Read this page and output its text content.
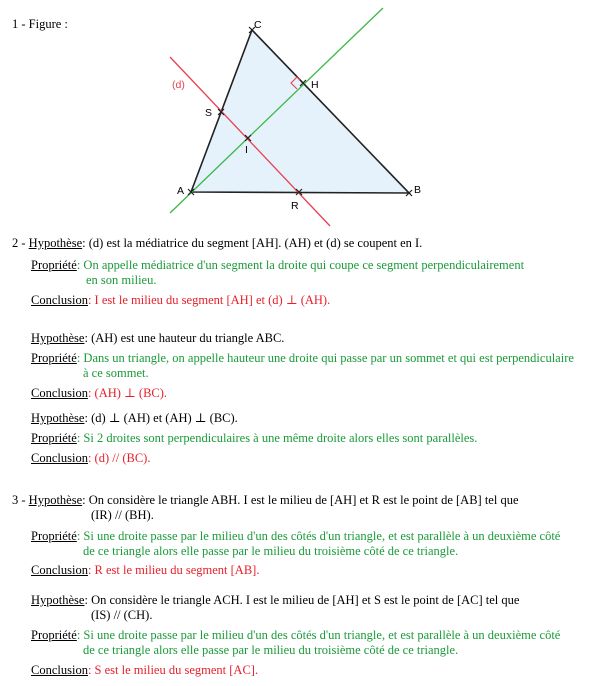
1 - Figure :	C
H
S
I
A	B
R
(d)
2 - Hypothèse: (d) est la médiatrice du segment [AH]. (AH) et (d) se coupent en I.
Propriété: On appelle médiatrice d'un segment la droite qui coupe ce segment perpendiculairement
en son milieu.
Conclusion: I est le milieu du segment [AH] et (d) ⊥ (AH).
Hypothèse: (AH) est une hauteur du triangle ABC.
Propriété: Dans un triangle, on appelle hauteur une droite qui passe par un sommet et qui est perpendiculaire
à ce sommet.
Conclusion: (AH) ⊥ (BC).
Hypothèse: (d) ⊥ (AH) et (AH) ⊥ (BC).
Propriété: Si 2 droites sont perpendiculaires à une même droite alors elles sont parallèles.
Conclusion: (d) // (BC).
3 - Hypothèse: On considère le triangle ABH. I est le milieu de [AH] et R est le point de [AB] tel que
(IR) // (BH).
Propriété: Si une droite passe par le milieu d'un des côtés d'un triangle, et est parallèle à un deuxième côté
de ce triangle alors elle passe par le milieu du troisième côté de ce triangle.
Conclusion: R est le milieu du segment [AB].
Hypothèse: On considère le triangle ACH. I est le milieu de [AH] et S est le point de [AC] tel que
(IS) // (CH).
Propriété: Si une droite passe par le milieu d'un des côtés d'un triangle, et est parallèle à un deuxième côté
de ce triangle alors elle passe par le milieu du troisième côté de ce triangle.
Conclusion: S est le milieu du segment [AC].
